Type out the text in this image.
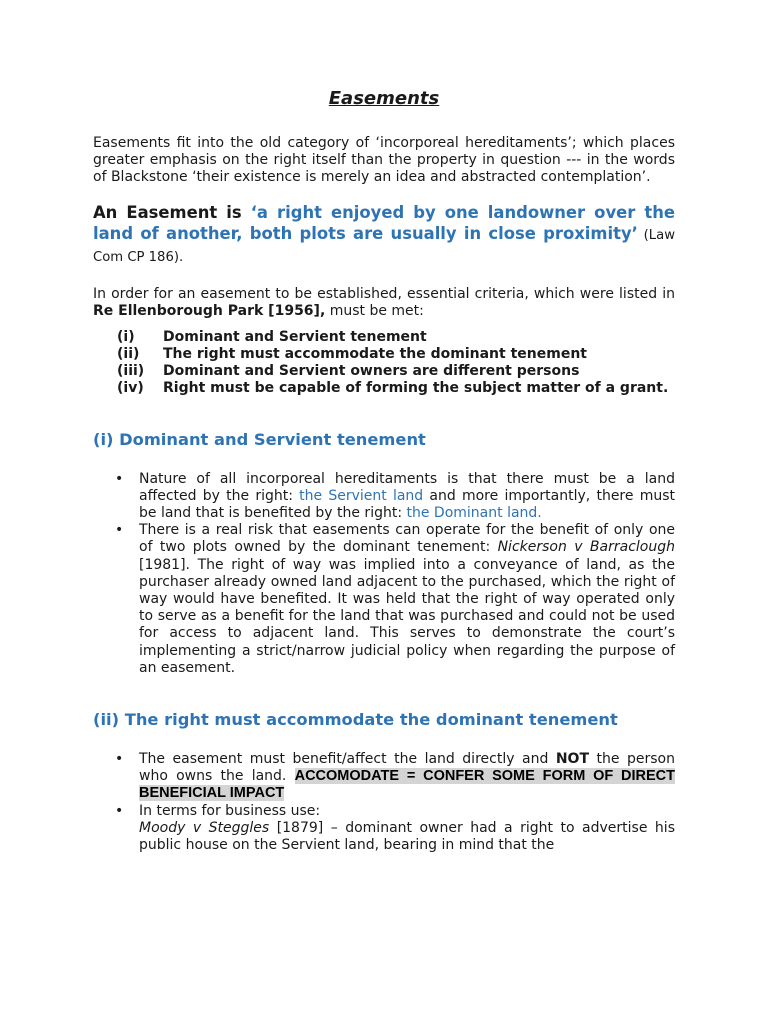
Easements

Easements fit into the old category of ‘incorporeal hereditaments’; which places greater emphasis on the right itself than the property in question --- in the words of Blackstone ‘their existence is merely an idea and abstracted contemplation’.

An Easement is ‘a right enjoyed by one landowner over the land of another, both plots are usually in close proximity’ (Law Com CP 186).

In order for an easement to be established, essential criteria, which were listed in Re Ellenborough Park [1956], must be met:

(i)	Dominant and Servient tenement
(ii)	The right must accommodate the dominant tenement
(iii)	Dominant and Servient owners are different persons
(iv)	Right must be capable of forming the subject matter of a grant.
(i) Dominant and Servient tenement
•	Nature of all incorporeal hereditaments is that there must be a land affected by the right: the Servient land and more importantly, there must be land that is benefited by the right: the Dominant land.
•	There is a real risk that easements can operate for the benefit of only one of two plots owned by the dominant tenement: Nickerson v Barraclough [1981]. The right of way was implied into a conveyance of land, as the purchaser already owned land adjacent to the purchased, which the right of way would have benefited. It was held that the right of way operated only to serve as a benefit for the land that was purchased and could not be used for access to adjacent land. This serves to demonstrate the court’s implementing a strict/narrow judicial policy when regarding the purpose of an easement.
(ii) The right must accommodate the dominant tenement
•	The easement must benefit/affect the land directly and NOT the person who owns the land. ACCOMODATE = CONFER SOME FORM OF DIRECT BENEFICIAL IMPACT
•	In terms for business use:
Moody v Steggles [1879] – dominant owner had a right to advertise his public house on the Servient land, bearing in mind that the
